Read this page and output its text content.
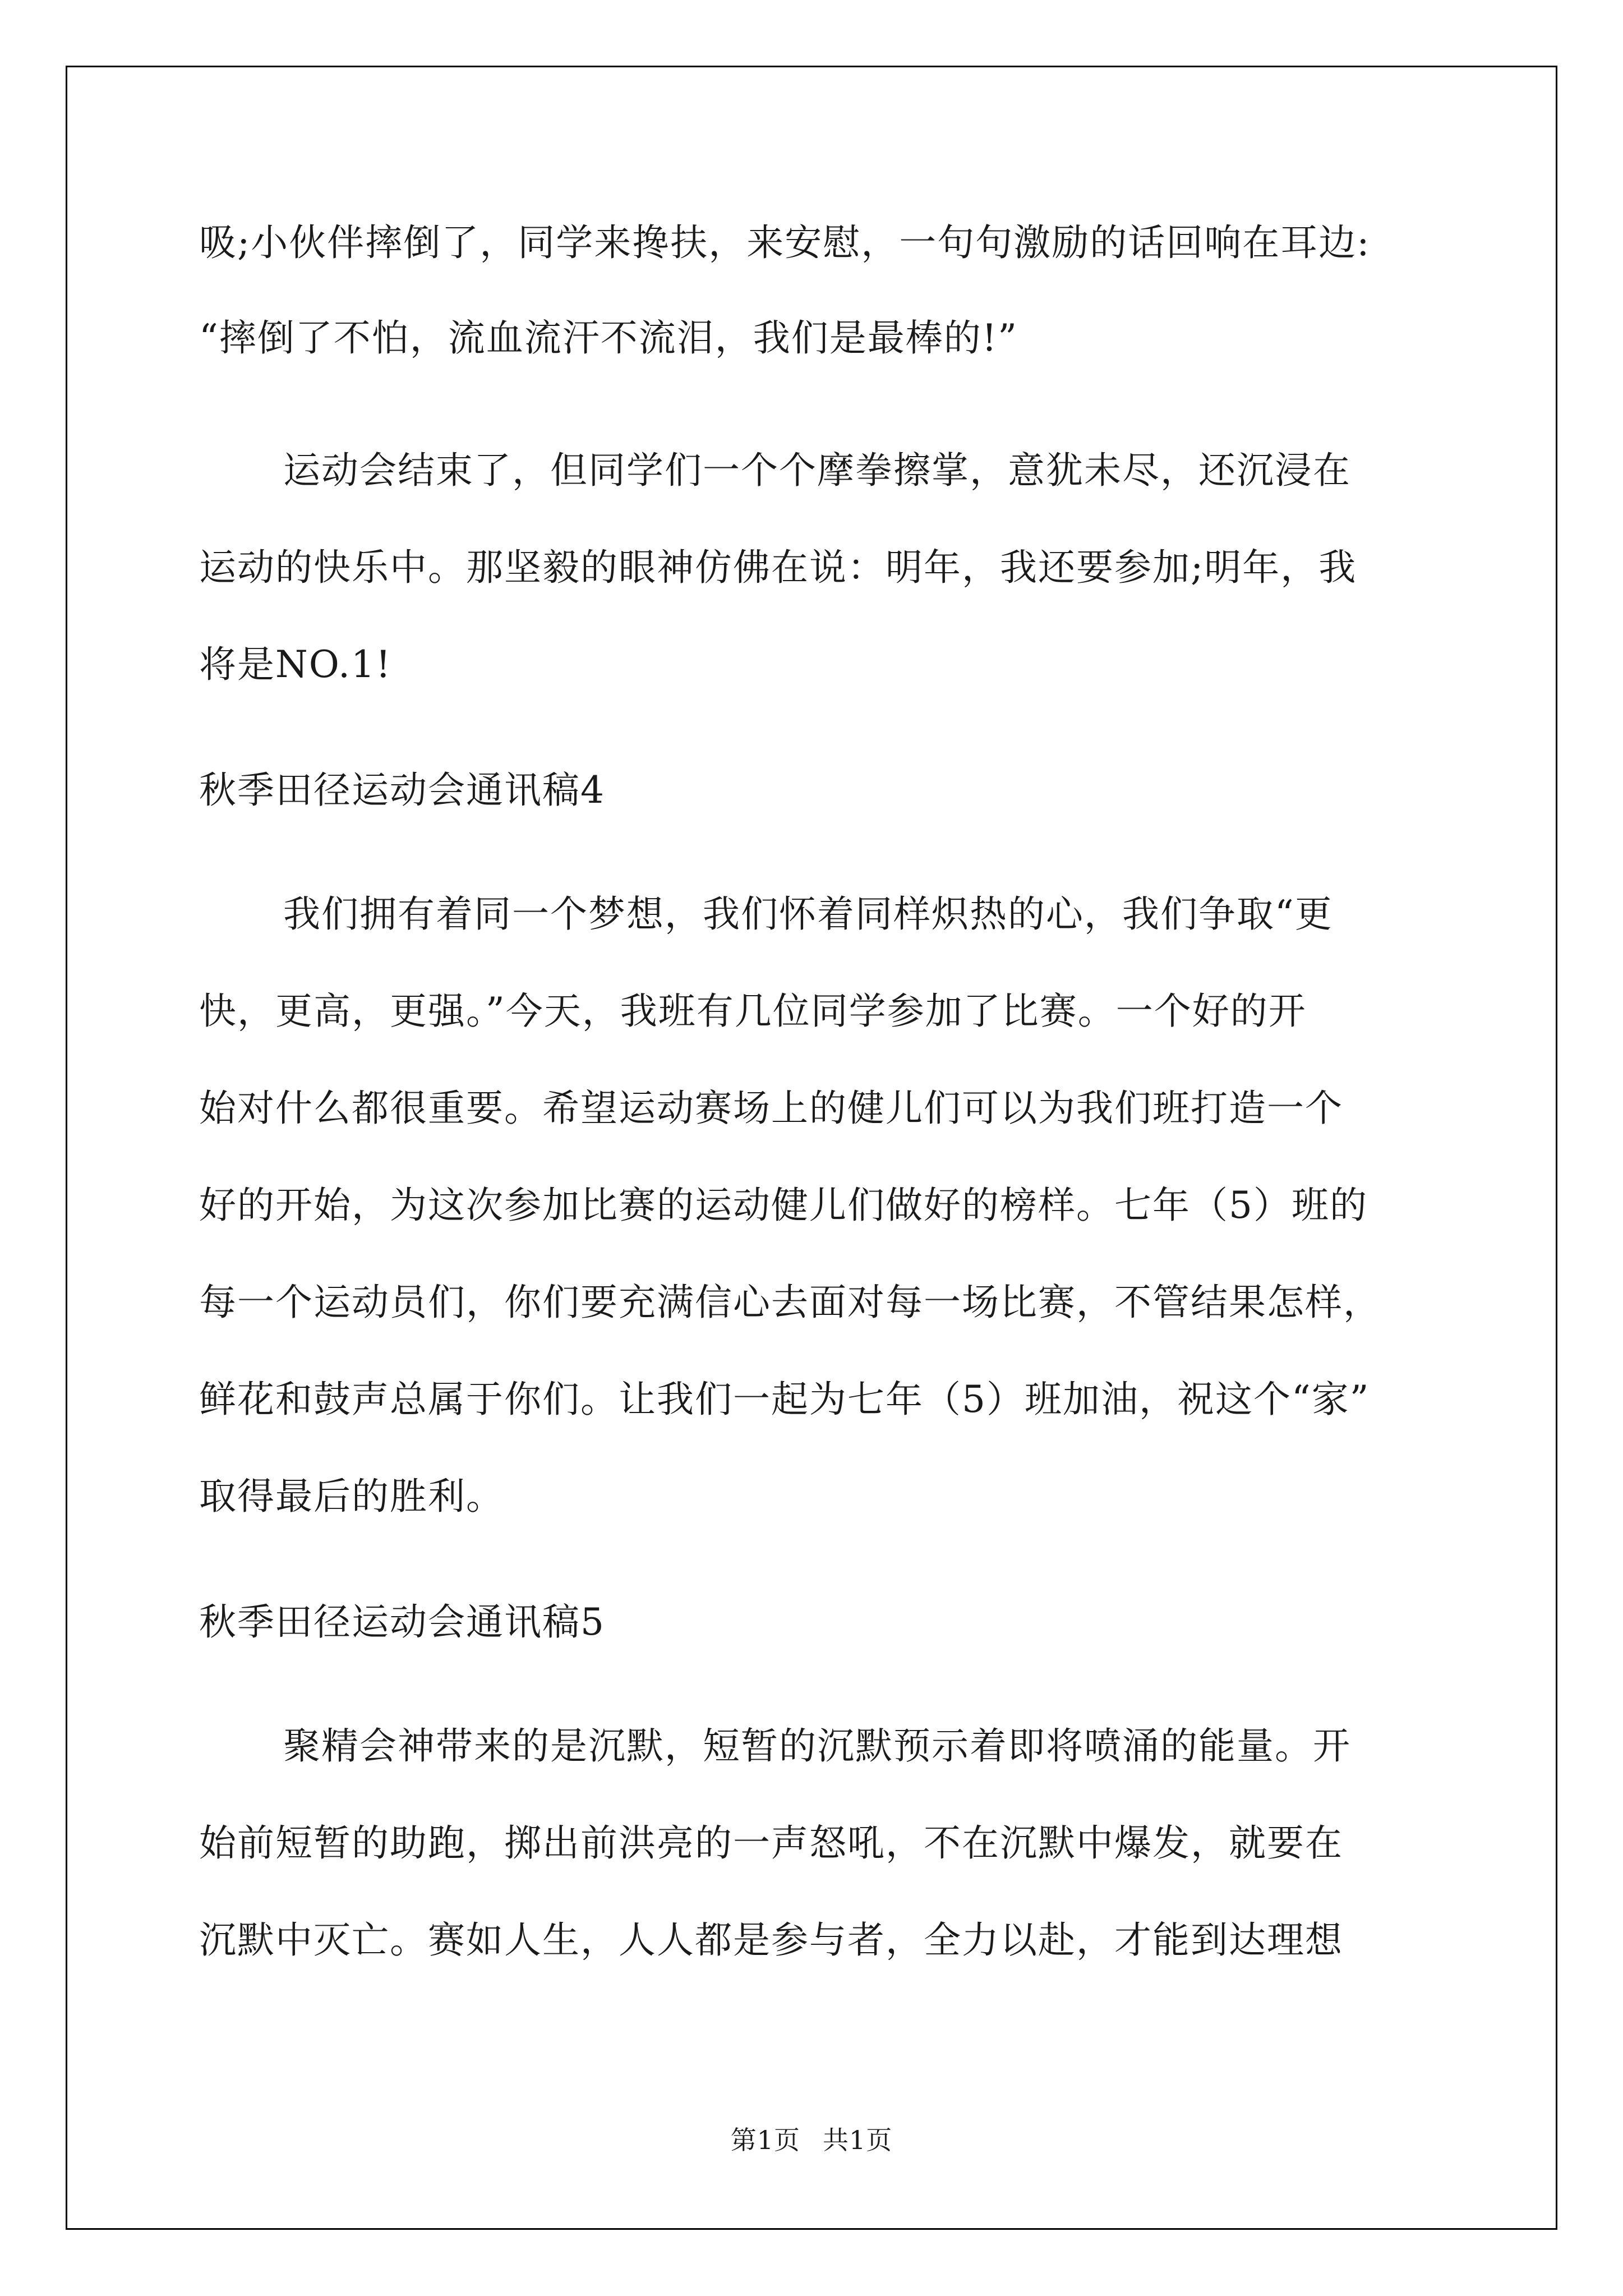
吸;小伙伴摔倒了，同学来搀扶，来安慰，一句句激励的话回响在耳边:

“摔倒了不怕，流血流汗不流泪，我们是最棒的!”

运动会结束了，但同学们一个个摩拳擦掌，意犹未尽，还沉浸在

运动的快乐中。那坚毅的眼神仿佛在说：明年，我还要参加;明年，我

将是NO.1!

秋季田径运动会通讯稿4

我们拥有着同一个梦想，我们怀着同样炽热的心，我们争取“更

快，更高，更强。”今天，我班有几位同学参加了比赛。一个好的开

始对什么都很重要。希望运动赛场上的健儿们可以为我们班打造一个

好的开始，为这次参加比赛的运动健儿们做好的榜样。七年（5）班的

每一个运动员们，你们要充满信心去面对每一场比赛，不管结果怎样，

鲜花和鼓声总属于你们。让我们一起为七年（5）班加油，祝这个“家”

取得最后的胜利。

秋季田径运动会通讯稿5

聚精会神带来的是沉默，短暂的沉默预示着即将喷涌的能量。开

始前短暂的助跑，掷出前洪亮的一声怒吼，不在沉默中爆发，就要在

沉默中灭亡。赛如人生，人人都是参与者，全力以赴，才能到达理想

第1页 共1页
